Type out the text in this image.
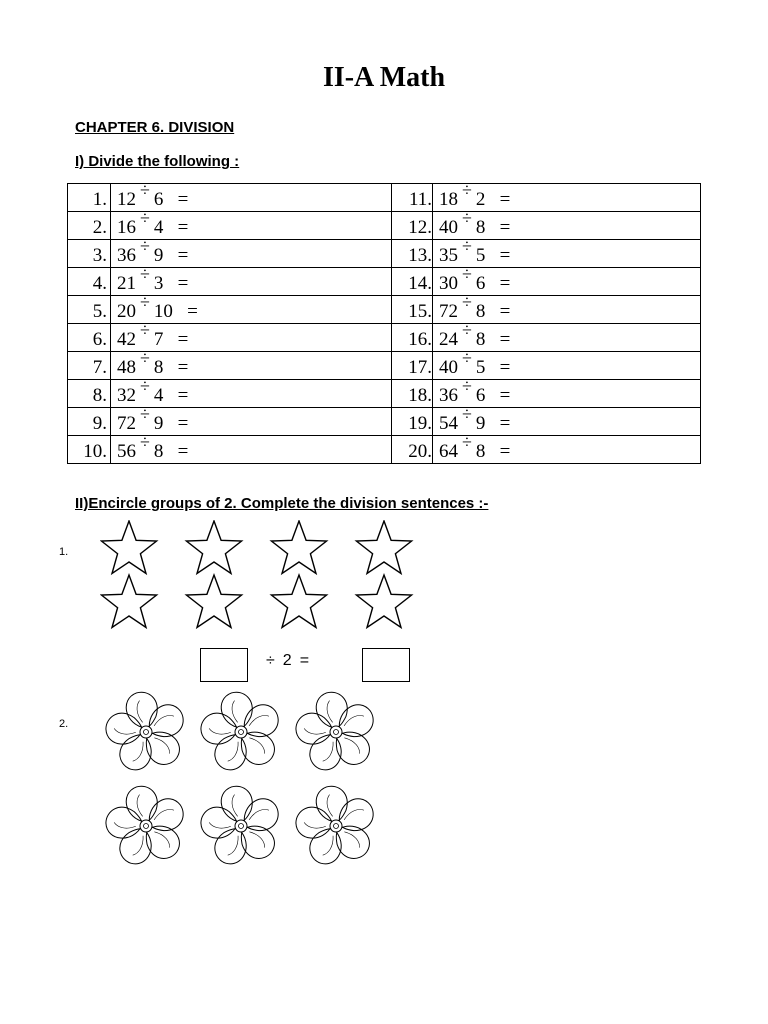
II-A Math
CHAPTER 6. DIVISION
I) Divide the following :
1.	12 ÷ 6   =	11.	18 ÷ 2   =
2.	16 ÷ 4   =	12.	40 ÷ 8   =
3.	36 ÷ 9   =	13.	35 ÷ 5   =
4.	21 ÷ 3   =	14.	30 ÷ 6   =
5.	20 ÷ 10   =	15.	72 ÷ 8   =
6.	42 ÷ 7   =	16.	24 ÷ 8   =
7.	48 ÷ 8   =	17.	40 ÷ 5   =
8.	32 ÷ 4   =	18.	36 ÷ 6   =
9.	72 ÷ 9   =	19.	54 ÷ 9   =
10.	56 ÷ 8   =	20.	64 ÷ 8   =
II)Encircle groups of 2. Complete the division sentences :-
1.
÷ 2 =
2.
